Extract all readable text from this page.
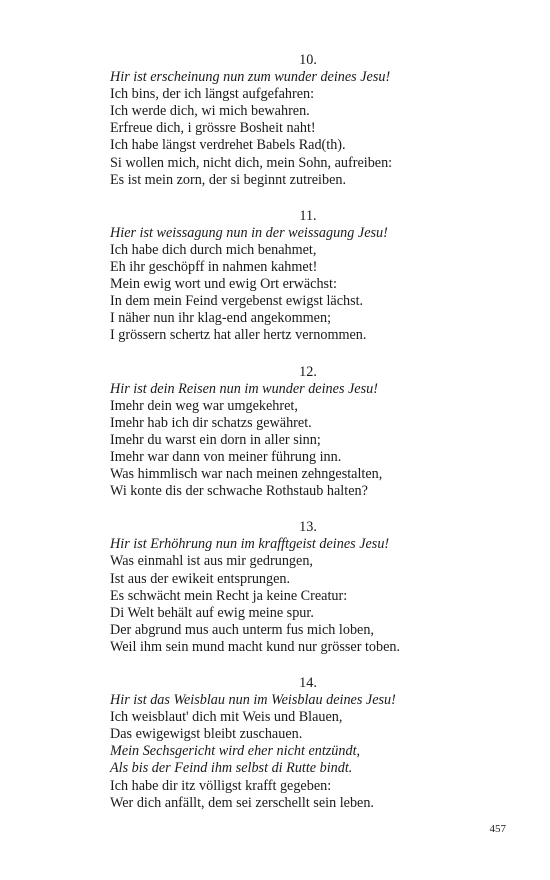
10.
Hir ist erscheinung nun zum wunder deines Jesu!
Ich bins, der ich längst aufgefahren:
Ich werde dich, wi mich bewahren.
Erfreue dich, i grössre Bosheit naht!
Ich habe längst verdrehet Babels Rad(th).
Si wollen mich, nicht dich, mein Sohn, aufreiben:
Es ist mein zorn, der si beginnt zutreiben.
11.
Hier ist weissagung nun in der weissagung Jesu!
Ich habe dich durch mich benahmet,
Eh ihr geschöpff in nahmen kahmet!
Mein ewig wort und ewig Ort erwächst:
In dem mein Feind vergebenst ewigst lächst.
I näher nun ihr klag-end angekommen;
I grössern schertz hat aller hertz vernommen.
12.
Hir ist dein Reisen nun im wunder deines Jesu!
Imehr dein weg war umgekehret,
Imehr hab ich dir schatzs gewähret.
Imehr du warst ein dorn in aller sinn;
Imehr war dann von meiner führung inn.
Was himmlisch war nach meinen zehngestalten,
Wi konte dis der schwache Rothstaub halten?
13.
Hir ist Erhöhrung nun im krafftgeist deines Jesu!
Was einmahl ist aus mir gedrungen,
Ist aus der ewikeit entsprungen.
Es schwächt mein Recht ja keine Creatur:
Di Welt behält auf ewig meine spur.
Der abgrund mus auch unterm fus mich loben,
Weil ihm sein mund macht kund nur grösser toben.
14.
Hir ist das Weisblau nun im Weisblau deines Jesu!
Ich weisblaut' dich mit Weis und Blauen,
Das ewigewigst bleibt zuschauen.
Mein Sechsgericht wird eher nicht entzündt,
Als bis der Feind ihm selbst di Rutte bindt.
Ich habe dir itz völligst krafft gegeben:
Wer dich anfällt, dem sei zerschellt sein leben.
457
